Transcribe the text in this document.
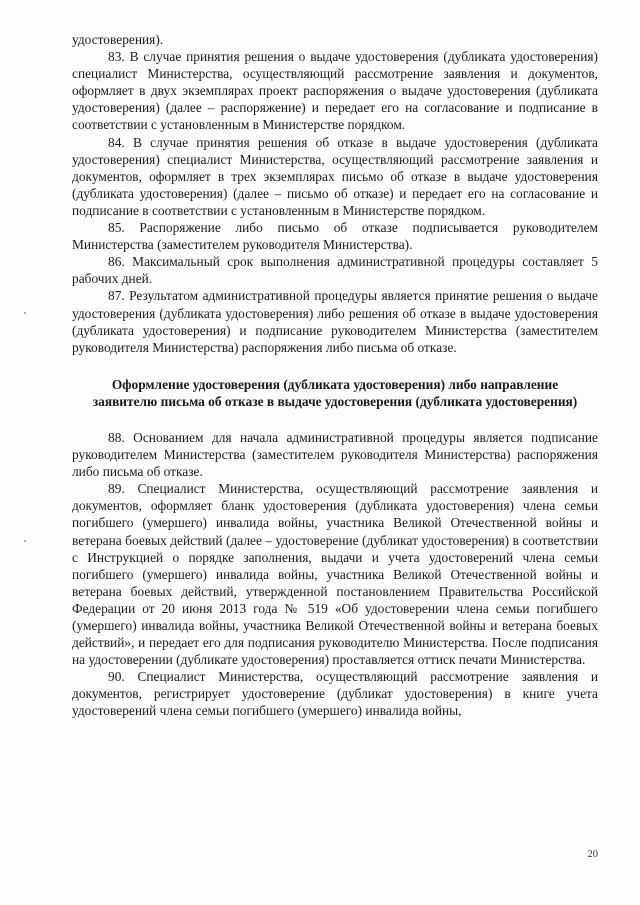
удостоверения).

83. В случае принятия решения о выдаче удостоверения (дубликата удостоверения) специалист Министерства, осуществляющий рассмотрение заявления и документов, оформляет в двух экземплярах проект распоряжения о выдаче удостоверения (дубликата удостоверения) (далее – распоряжение) и передает его на согласование и подписание в соответствии с установленным в Министерстве порядком.

84. В случае принятия решения об отказе в выдаче удостоверения (дубликата удостоверения) специалист Министерства, осуществляющий рассмотрение заявления и документов, оформляет в трех экземплярах письмо об отказе в выдаче удостоверения (дубликата удостоверения) (далее – письмо об отказе) и передает его на согласование и подписание в соответствии с установленным в Министерстве порядком.

85. Распоряжение либо письмо об отказе подписывается руководителем Министерства (заместителем руководителя Министерства).

86. Максимальный срок выполнения административной процедуры составляет 5 рабочих дней.

87. Результатом административной процедуры является принятие решения о выдаче удостоверения (дубликата удостоверения) либо решения об отказе в выдаче удостоверения (дубликата удостоверения) и подписание руководителем Министерства (заместителем руководителя Министерства) распоряжения либо письма об отказе.

Оформление удостоверения (дубликата удостоверения) либо направление заявителю письма об отказе в выдаче удостоверения (дубликата удостоверения)

88. Основанием для начала административной процедуры является подписание руководителем Министерства (заместителем руководителя Министерства) распоряжения либо письма об отказе.

89. Специалист Министерства, осуществляющий рассмотрение заявления и документов, оформляет бланк удостоверения (дубликата удостоверения) члена семьи погибшего (умершего) инвалида войны, участника Великой Отечественной войны и ветерана боевых действий (далее – удостоверение (дубликат удостоверения) в соответствии с Инструкцией о порядке заполнения, выдачи и учета удостоверений члена семьи погибшего (умершего) инвалида войны, участника Великой Отечественной войны и ветерана боевых действий, утвержденной постановлением Правительства Российской Федерации от 20 июня 2013 года № 519 «Об удостоверении члена семьи погибшего (умершего) инвалида войны, участника Великой Отечественной войны и ветерана боевых действий», и передает его для подписания руководителю Министерства. После подписания на удостоверении (дубликате удостоверения) проставляется оттиск печати Министерства.

90. Специалист Министерства, осуществляющий рассмотрение заявления и документов, регистрирует удостоверение (дубликат удостоверения) в книге учета удостоверений члена семьи погибшего (умершего) инвалида войны,

20
